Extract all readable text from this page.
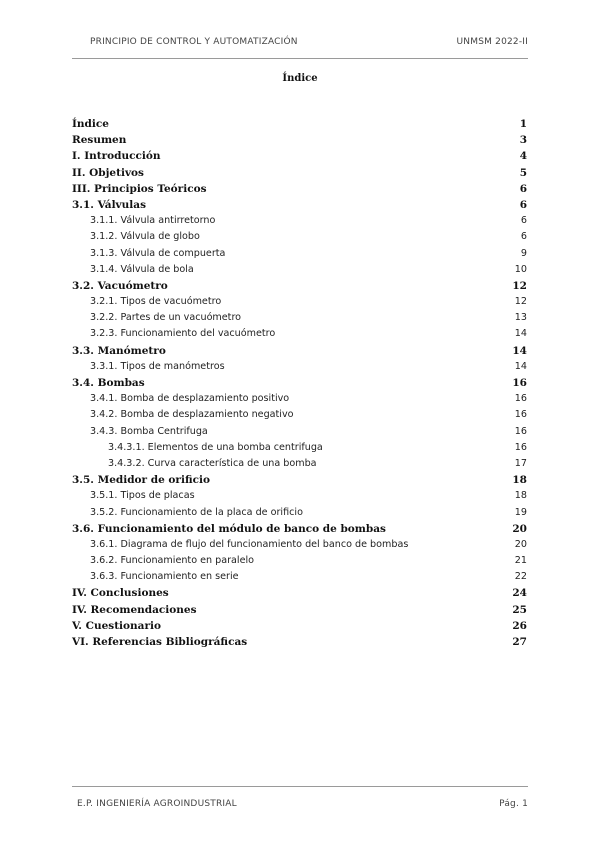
PRINCIPIO DE CONTROL Y AUTOMATIZACIÓN	UNMSM 2022-II
Índice
Índice	1
Resumen	3
I. Introducción	4
II. Objetivos	5
III. Principios Teóricos	6
3.1. Válvulas	6
3.1.1. Válvula antirretorno	6
3.1.2. Válvula de globo	6
3.1.3. Válvula de compuerta	9
3.1.4. Válvula de bola	10
3.2. Vacuómetro	12
3.2.1. Tipos de vacuómetro	12
3.2.2. Partes de un vacuómetro	13
3.2.3. Funcionamiento del vacuómetro	14
3.3. Manómetro	14
3.3.1. Tipos de manómetros	14
3.4. Bombas	16
3.4.1. Bomba de desplazamiento positivo	16
3.4.2. Bomba de desplazamiento negativo	16
3.4.3. Bomba Centrifuga	16
3.4.3.1. Elementos de una bomba centrifuga	16
3.4.3.2. Curva característica de una bomba	17
3.5. Medidor de orificio	18
3.5.1. Tipos de placas	18
3.5.2. Funcionamiento de la placa de orificio	19
3.6. Funcionamiento del módulo de banco de bombas	20
3.6.1. Diagrama de flujo del funcionamiento del banco de bombas	20
3.6.2. Funcionamiento en paralelo	21
3.6.3. Funcionamiento en serie	22
IV. Conclusiones	24
IV. Recomendaciones	25
V. Cuestionario	26
VI. Referencias Bibliográficas	27
E.P. INGENIERÍA AGROINDUSTRIAL	Pág. 1
